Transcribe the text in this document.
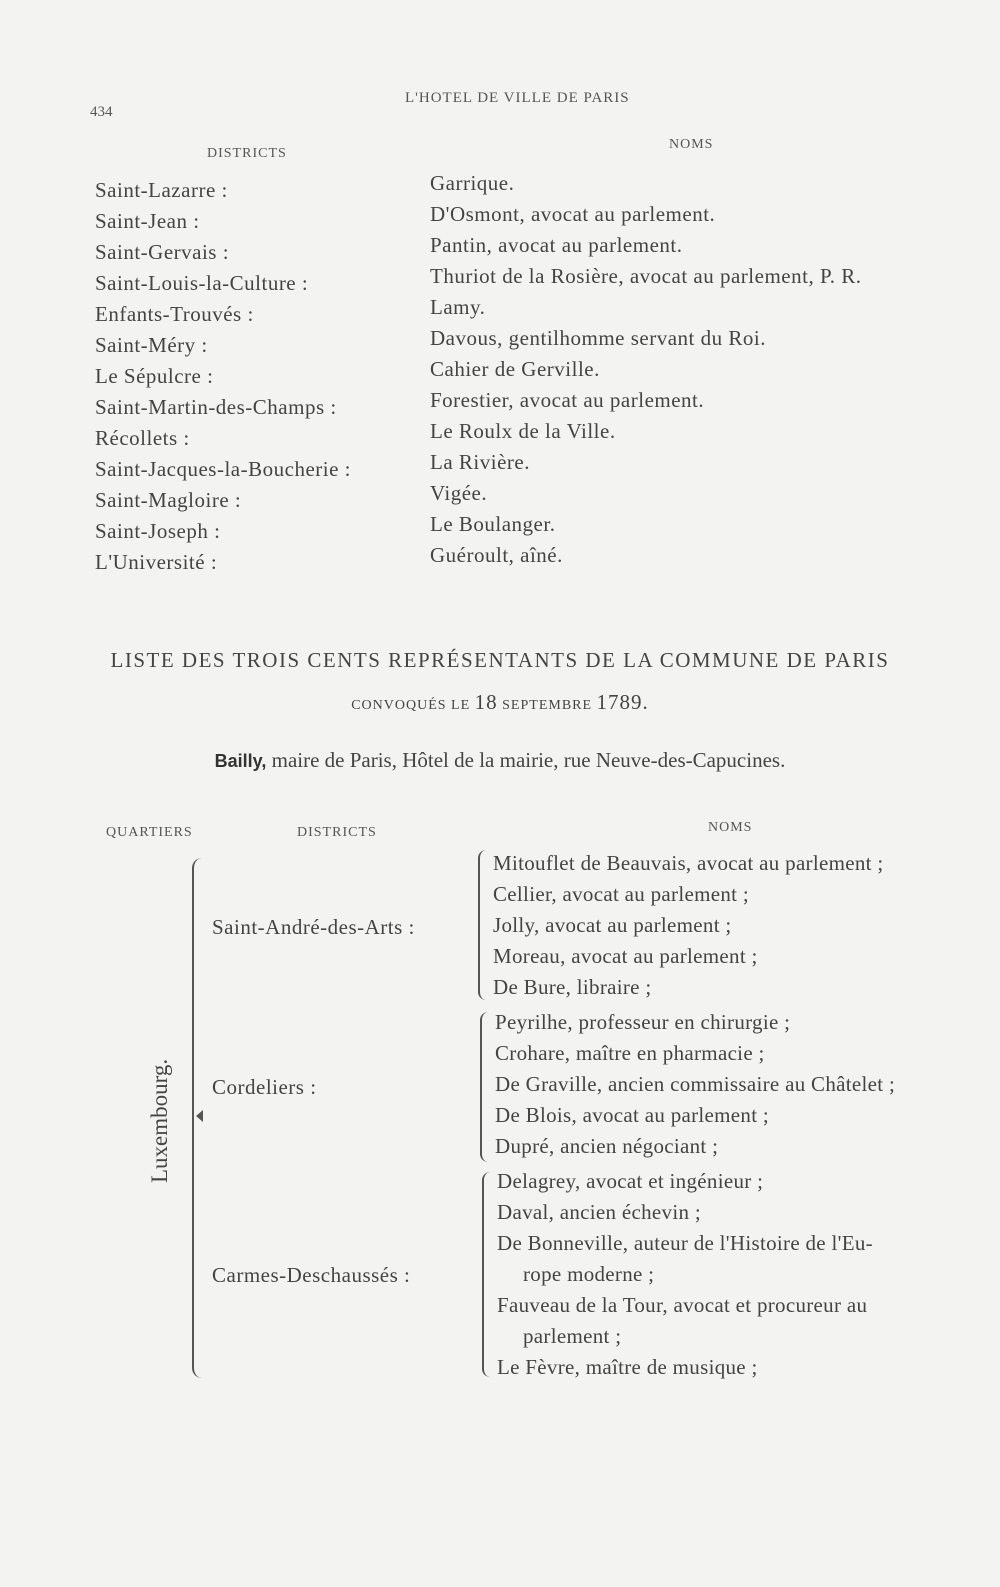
434
L'HOTEL DE VILLE DE PARIS
DISTRICTS
NOMS
Saint-Lazarre :
Saint-Jean :
Saint-Gervais :
Saint-Louis-la-Culture :
Enfants-Trouvés :
Saint-Méry :
Le Sépulcre :
Saint-Martin-des-Champs :
Récollets :
Saint-Jacques-la-Boucherie :
Saint-Magloire :
Saint-Joseph :
L'Université :
Garrique.
D'Osmont, avocat au parlement.
Pantin, avocat au parlement.
Thuriot de la Rosière, avocat au parlement, P. R.
Lamy.
Davous, gentilhomme servant du Roi.
Cahier de Gerville.
Forestier, avocat au parlement.
Le Roulx de la Ville.
La Rivière.
Vigée.
Le Boulanger.
Guéroult, aîné.
LISTE DES TROIS CENTS REPRÉSENTANTS DE LA COMMUNE DE PARIS
CONVOQUÉS LE 18 SEPTEMBRE 1789.
Bailly, maire de Paris, Hôtel de la mairie, rue Neuve-des-Capucines.
QUARTIERS	DISTRICTS	NOMS
Luxembourg.
Saint-André-des-Arts :
Cordeliers :
Carmes-Deschaussés :
Mitouflet de Beauvais, avocat au parlement ;
Cellier, avocat au parlement ;
Jolly, avocat au parlement ;
Moreau, avocat au parlement ;
De Bure, libraire ;
Peyrilhe, professeur en chirurgie ;
Crohare, maître en pharmacie ;
De Graville, ancien commissaire au Châtelet ;
De Blois, avocat au parlement ;
Dupré, ancien négociant ;
Delagrey, avocat et ingénieur ;
Daval, ancien échevin ;
De Bonneville, auteur de l'Histoire de l'Eu-
rope moderne ;
Fauveau de la Tour, avocat et procureur au
parlement ;
Le Fèvre, maître de musique ;
